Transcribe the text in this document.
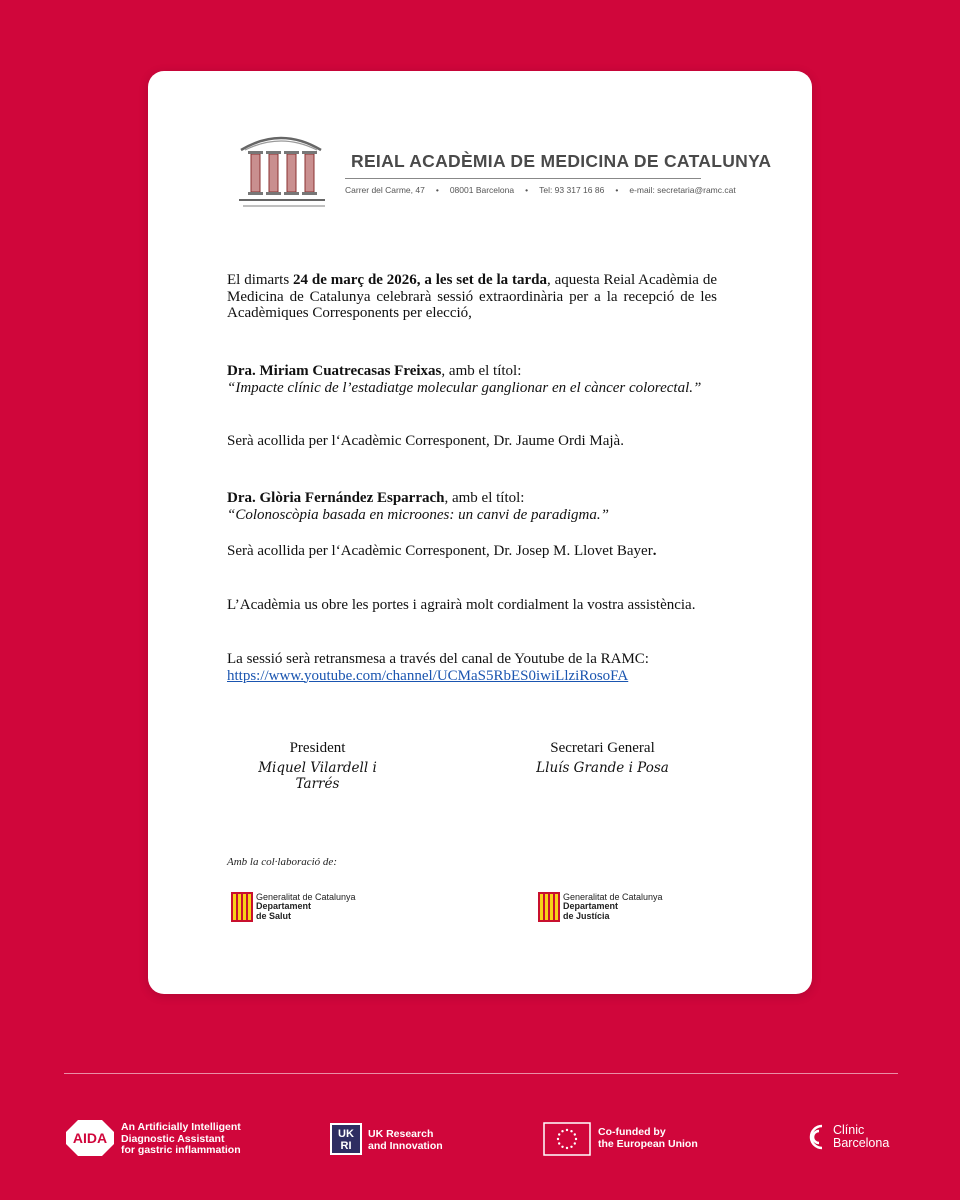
REIAL ACADÈMIA DE MEDICINA DE CATALUNYA
Carrer del Carme, 47 • 08001 Barcelona • Tel: 93 317 16 86 • e-mail: secretaria@ramc.cat
El dimarts 24 de març de 2026, a les set de la tarda, aquesta Reial Acadèmia de Medicina de Catalunya celebrarà sessió extraordinària per a la recepció de les Acadèmiques Corresponents per elecció,
Dra. Miriam Cuatrecasas Freixas, amb el títol:
“Impacte clínic de l’estadiatge molecular ganglionar en el càncer colorectal.”
Serà acollida per l‘Acadèmic Corresponent, Dr. Jaume Ordi Majà.
Dra. Glòria Fernández Esparrach, amb el títol:
“Colonoscòpia basada en microones: un canvi de paradigma.”
Serà acollida per l‘Acadèmic Corresponent, Dr. Josep M. Llovet Bayer.
L’Acadèmia us obre les portes i agrairà molt cordialment la vostra assistència.
La sessió serà retransmesa a través del canal de Youtube de la RAMC:
https://www.youtube.com/channel/UCMaS5RbES0iwiLlziRosoFA
President
Miquel Vilardell i Tarrés
Secretari General
Lluís Grande i Posa
Amb la col·laboració de:
Generalitat de Catalunya
Departament
de Salut
Generalitat de Catalunya
Departament
de Justícia
AIDA
An Artificially Intelligent
Diagnostic Assistant
for gastric inflammation
UK
RI
UK Research
and Innovation
Co-funded by
the European Union
Clínic
Barcelona
